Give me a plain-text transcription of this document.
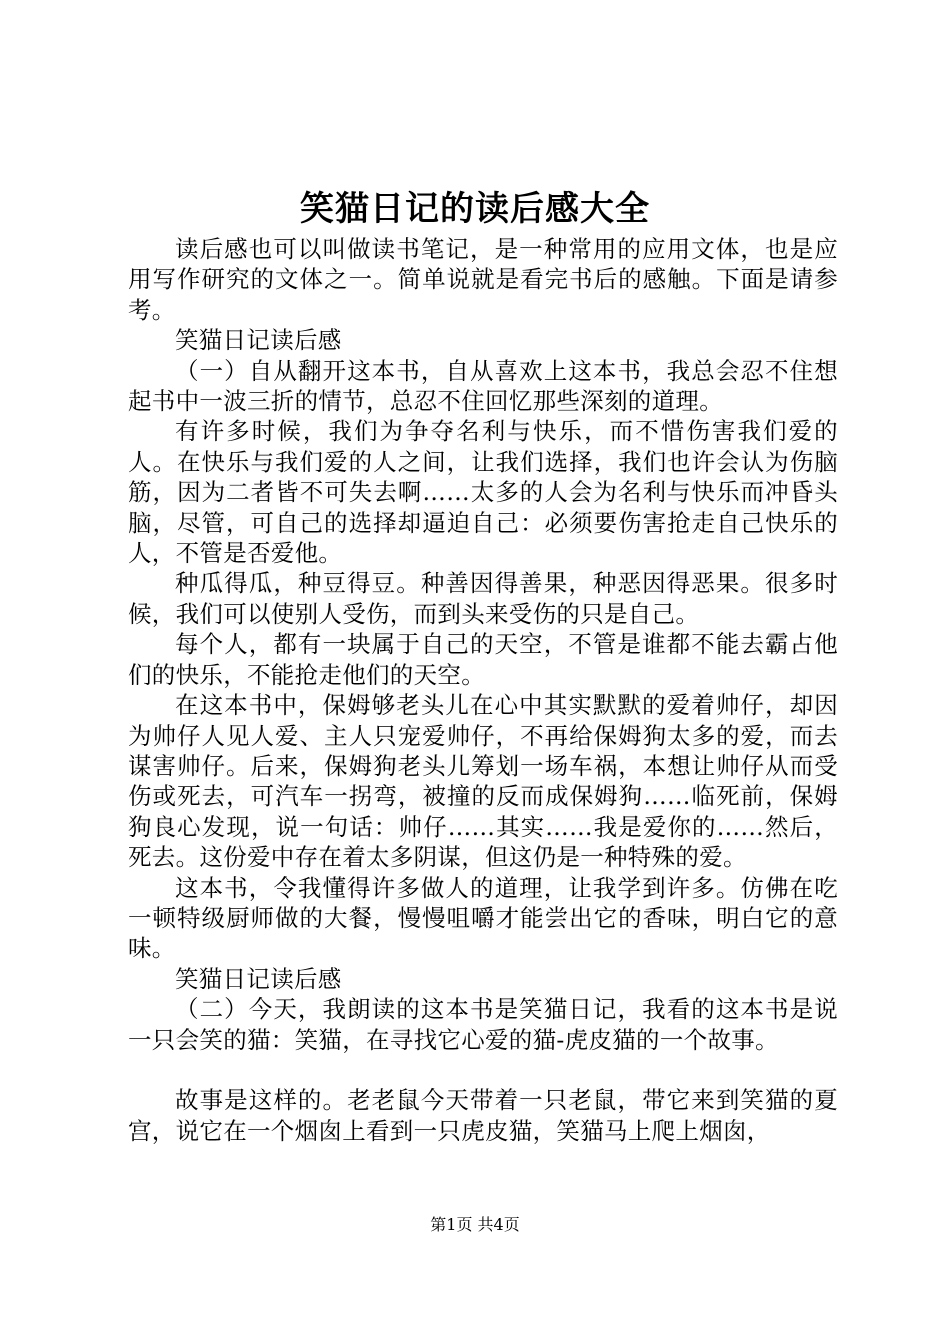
笑猫日记的读后感大全

读后感也可以叫做读书笔记，是一种常用的应用文体，也是应用写作研究的文体之一。简单说就是看完书后的感触。下面是请参考。

笑猫日记读后感

（一）自从翻开这本书，自从喜欢上这本书，我总会忍不住想起书中一波三折的情节，总忍不住回忆那些深刻的道理。

有许多时候，我们为争夺名利与快乐，而不惜伤害我们爱的人。在快乐与我们爱的人之间，让我们选择，我们也许会认为伤脑筋，因为二者皆不可失去啊……太多的人会为名利与快乐而冲昏头脑，尽管，可自己的选择却逼迫自己：必须要伤害抢走自己快乐的人，不管是否爱他。

种瓜得瓜，种豆得豆。种善因得善果，种恶因得恶果。很多时候，我们可以使别人受伤，而到头来受伤的只是自己。

每个人，都有一块属于自己的天空，不管是谁都不能去霸占他们的快乐，不能抢走他们的天空。

在这本书中，保姆够老头儿在心中其实默默的爱着帅仔，却因为帅仔人见人爱、主人只宠爱帅仔，不再给保姆狗太多的爱，而去谋害帅仔。后来，保姆狗老头儿筹划一场车祸，本想让帅仔从而受伤或死去，可汽车一拐弯，被撞的反而成保姆狗……临死前，保姆狗良心发现，说一句话：帅仔……其实……我是爱你的……然后，死去。这份爱中存在着太多阴谋，但这仍是一种特殊的爱。

这本书，令我懂得许多做人的道理，让我学到许多。仿佛在吃一顿特级厨师做的大餐，慢慢咀嚼才能尝出它的香味，明白它的意味。

笑猫日记读后感

（二）今天，我朗读的这本书是笑猫日记，我看的这本书是说一只会笑的猫：笑猫，在寻找它心爱的猫-虎皮猫的一个故事。

故事是这样的。老老鼠今天带着一只老鼠，带它来到笑猫的夏宫，说它在一个烟囱上看到一只虎皮猫，笑猫马上爬上烟囱，

第1页 共4页
